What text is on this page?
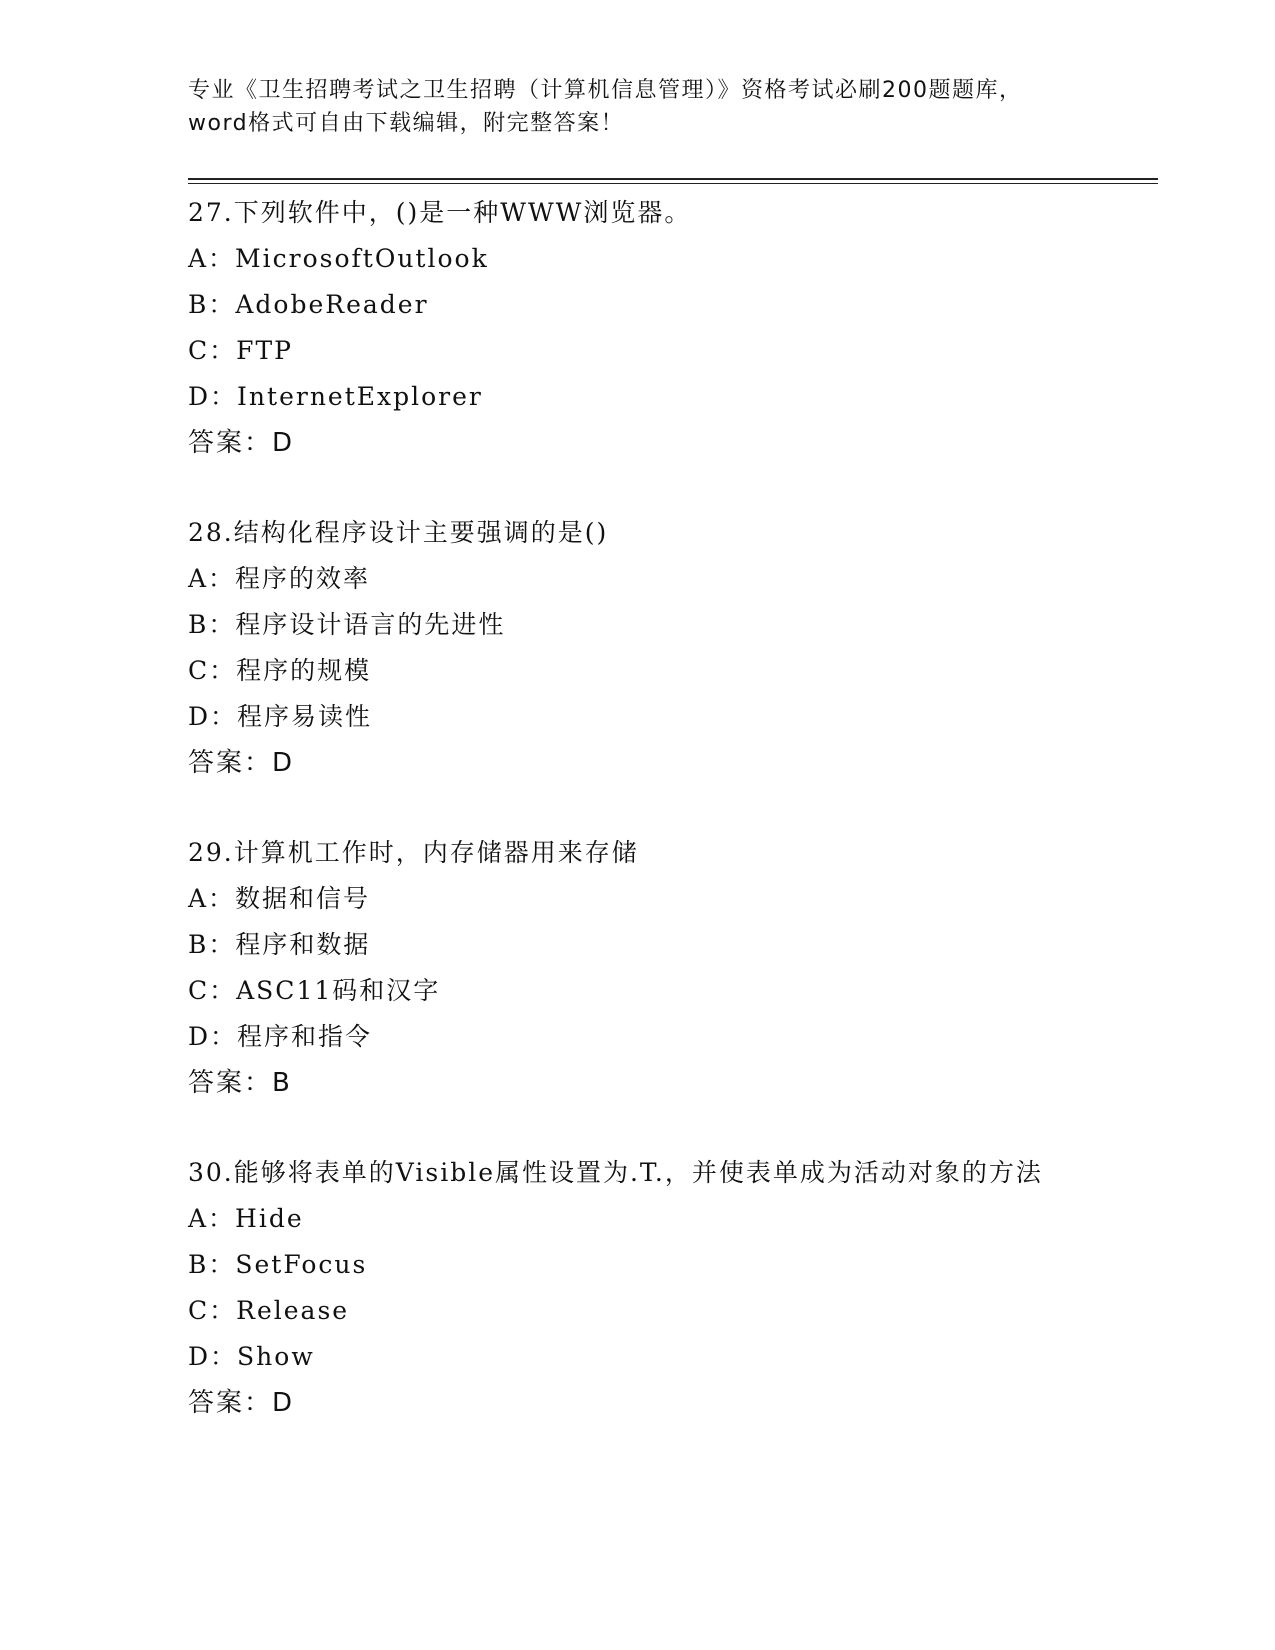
专业《卫生招聘考试之卫生招聘（计算机信息管理）》资格考试必刷200题题库，
word格式可自由下载编辑，附完整答案！

27.下列软件中，()是一种WWW浏览器。

A：MicrosoftOutlook

B：AdobeReader

C：FTP

D：InternetExplorer

答案：D

28.结构化程序设计主要强调的是()

A：程序的效率

B：程序设计语言的先进性

C：程序的规模

D：程序易读性

答案：D

29.计算机工作时，内存储器用来存储

A：数据和信号

B：程序和数据

C：ASC11码和汉字

D：程序和指令

答案：B

30.能够将表单的Visible属性设置为.T.，并使表单成为活动对象的方法

A：Hide

B：SetFocus

C：Release

D：Show

答案：D
